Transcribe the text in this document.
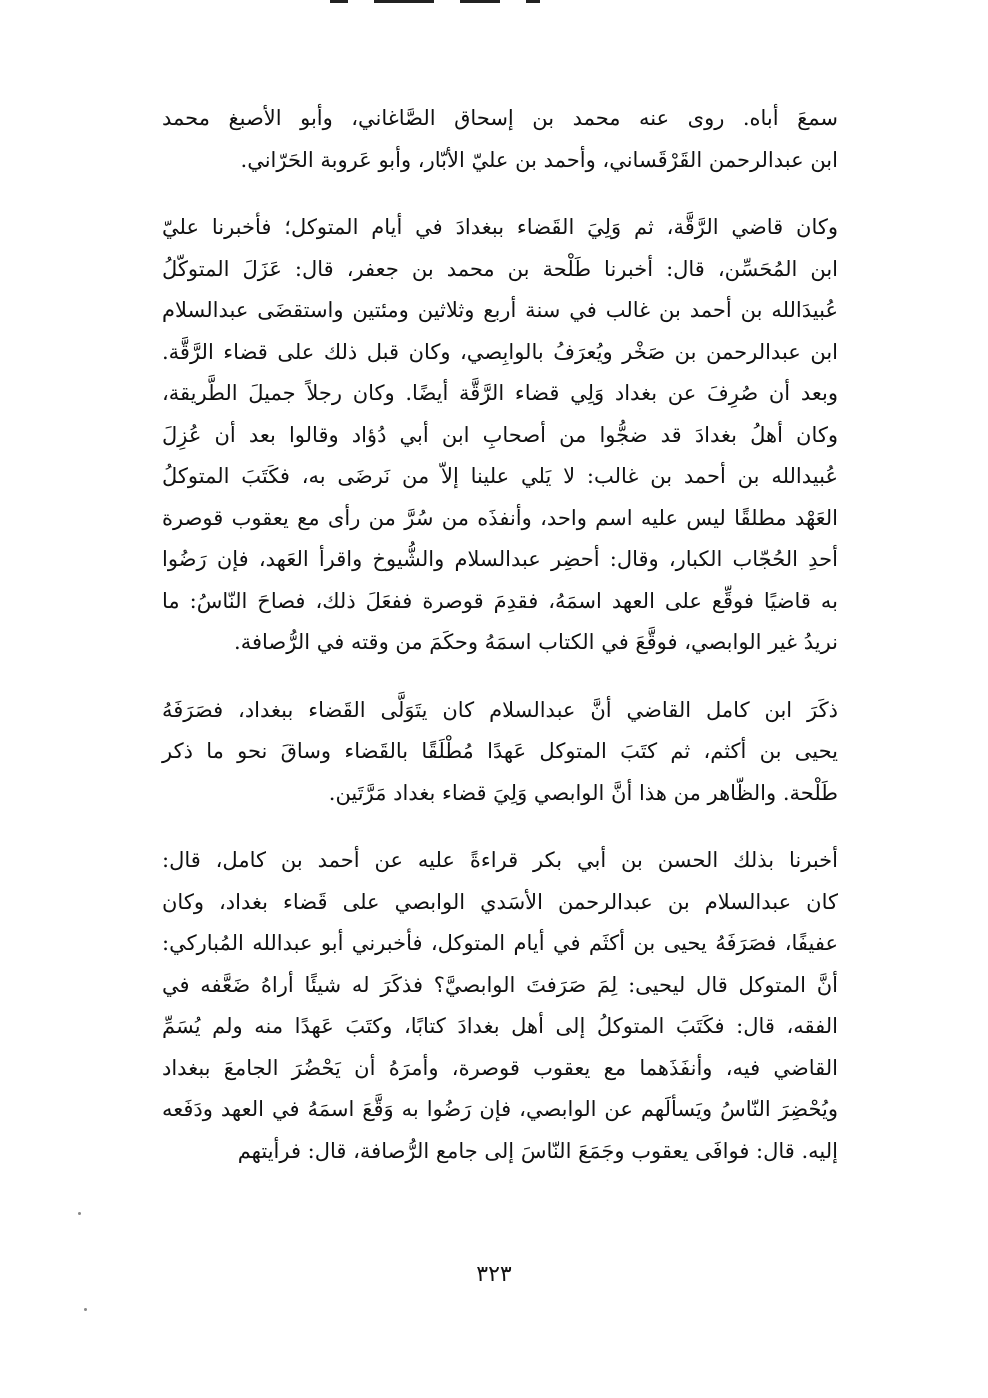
سمعَ أباه. روى عنه محمد بن إسحاق الصَّاغاني، وأبو الأصبغ محمد
ابن عبدالرحمن القَرْقَساني، وأحمد بن عليّ الأبّار، وأبو عَروبة الحَرّاني.

وكان قاضي الرَّقَّة، ثم وَلِيَ القَضاء ببغدادَ في أيام المتوكل؛ فأخبرنا عليّ
ابن المُحَسِّن، قال: أخبرنا طَلْحة بن محمد بن جعفر، قال: عَزَلَ المتوكّلُ
عُبيدَالله بن أحمد بن غالب في سنة أربع وثلاثين ومئتين واستقضَى عبدالسلام
ابن عبدالرحمن بن صَخْر ويُعرَفُ بالوابِصي، وكان قبل ذلك على قضاء الرَّقَّة.
وبعد أن صُرِفَ عن بغداد وَلِي قضاء الرَّقَّة أيضًا. وكان رجلاً جميلَ الطَّريقة،
وكان أهلُ بغدادَ قد ضجُّوا من أصحابِ ابن أبي دُؤاد وقالوا بعد أن عُزِلَ
عُبيدالله بن أحمد بن غالب: لا يَلي علينا إلاّ من نَرضَى به، فكَتَبَ المتوكلُ
العَهْد مطلقًا ليس عليه اسم واحد، وأنفذَه من سُرَّ من رأى مع يعقوب قوصرة
أحدِ الحُجّاب الكبار، وقال: أحضِر عبدالسلام والشُّيوخ واقرأ العَهد، فإن رَضُوا
به قاضيًا فوقِّع على العهد اسمَهُ، فقدِمَ قوصرة ففعَلَ ذلك، فصاحَ النّاسُ: ما
نريدُ غير الوابصي، فوقَّعَ في الكتاب اسمَهُ وحكَمَ من وقته في الرُّصافة.

ذكَرَ ابن كامل القاضي أنَّ عبدالسلام كان يتَوَلَّى القَضاء ببغداد، فصَرَفَهُ
يحيى بن أكثم، ثم كتَبَ المتوكل عَهدًا مُطْلَقًا بالقَضاء وساقَ نحو ما ذكر
طَلْحة. والظّاهر من هذا أنَّ الوابصي وَلِيَ قضاء بغداد مَرَّتَين.

أخبرنا بذلك الحسن بن أبي بكر قراءةً عليه عن أحمد بن كامل، قال:
كان عبدالسلام بن عبدالرحمن الأسَدي الوابصي على قَضاء بغداد، وكان
عفيفًا، فصَرَفَهُ يحيى بن أكثَم في أيام المتوكل، فأخبرني أبو عبدالله المُباركي:
أنَّ المتوكل قال ليحيى: لِمَ صَرَفتَ الوابصيَّ؟ فذكَرَ له شيئًا أراهُ ضَعَّفه في
الفقه، قال: فكَتَبَ المتوكلُ إلى أهل بغدادَ كتابًا، وكتَبَ عَهدًا منه ولم يُسَمِّ
القاضي فيه، وأنفَذَهما مع يعقوب قوصرة، وأمرَهُ أن يَحْضُرَ الجامعَ ببغداد
ويُحْضِرَ النّاسُ ويَسألَهم عن الوابصي، فإن رَضُوا به وَقَّعَ اسمَهُ في العهد ودَفَعه
إليه. قال: فوافَى يعقوب وجَمَعَ النّاسَ إلى جامع الرُّصافة، قال: فرأيتهم

٣٢٣
